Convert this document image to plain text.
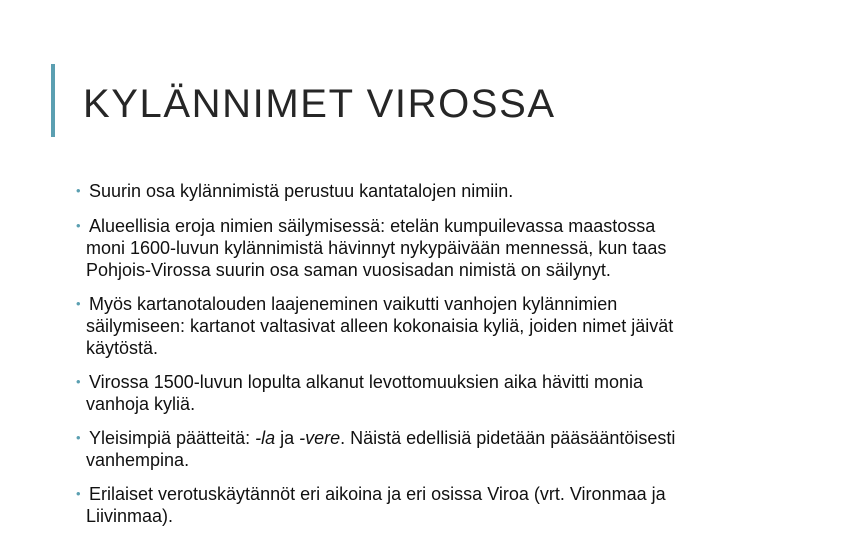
KYLÄNNIMET VIROSSA
• Suurin osa kylännimistä perustuu kantatalojen nimiin.
• Alueellisia eroja nimien säilymisessä: etelän kumpuilevassa maastossa
moni 1600-luvun kylännimistä hävinnyt nykypäivään mennessä, kun taas
Pohjois-Virossa suurin osa saman vuosisadan nimistä on säilynyt.
• Myös kartanotalouden laajeneminen vaikutti vanhojen kylännimien
säilymiseen: kartanot valtasivat alleen kokonaisia kyliä, joiden nimet jäivät
käytöstä.
• Virossa 1500-luvun lopulta alkanut levottomuuksien aika hävitti monia
vanhoja kyliä.
• Yleisimpiä päätteitä: -la ja -vere. Näistä edellisiä pidetään pääsääntöisesti
vanhempina.
• Erilaiset verotuskäytännöt eri aikoina ja eri osissa Viroa (vrt. Vironmaa ja
Liivinmaa).
